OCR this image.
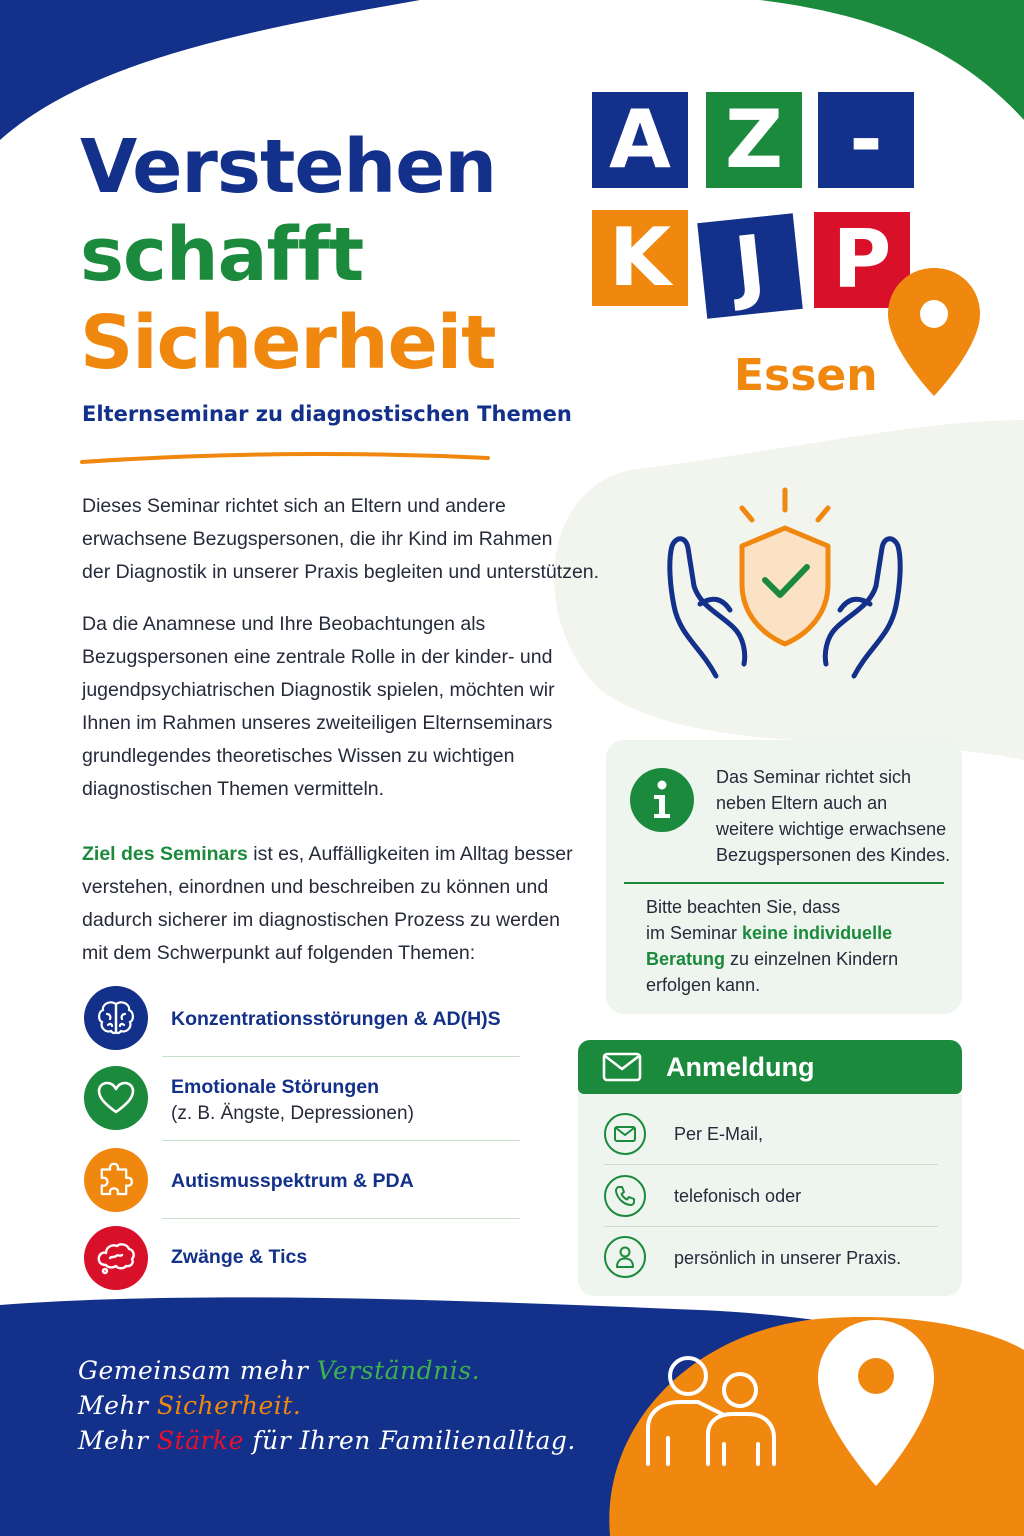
Verstehen
schafft
Sicherheit
Elternseminar zu diagnostischen Themen
A Z -
K J P
Essen
Dieses Seminar richtet sich an Eltern und andere
erwachsene Bezugspersonen, die ihr Kind im Rahmen
der Diagnostik in unserer Praxis begleiten und unterstützen.
Da die Anamnese und Ihre Beobachtungen als
Bezugspersonen eine zentrale Rolle in der kinder- und
jugendpsychiatrischen Diagnostik spielen, möchten wir
Ihnen im Rahmen unseres zweiteiligen Elternseminars
grundlegendes theoretisches Wissen zu wichtigen
diagnostischen Themen vermitteln.
Ziel des Seminars ist es, Auffälligkeiten im Alltag besser
verstehen, einordnen und beschreiben zu können und
dadurch sicherer im diagnostischen Prozess zu werden
mit dem Schwerpunkt auf folgenden Themen:
Konzentrationsstörungen & AD(H)S
Emotionale Störungen
(z. B. Ängste, Depressionen)
Autismusspektrum & PDA
Zwänge & Tics
Das Seminar richtet sich
neben Eltern auch an
weitere wichtige erwachsene
Bezugspersonen des Kindes.
Bitte beachten Sie, dass
im Seminar keine individuelle
Beratung zu einzelnen Kindern
erfolgen kann.
Anmeldung
Per E-Mail,
telefonisch oder
persönlich in unserer Praxis.
Gemeinsam mehr Verständnis.
Mehr Sicherheit.
Mehr Stärke für Ihren Familienalltag.
